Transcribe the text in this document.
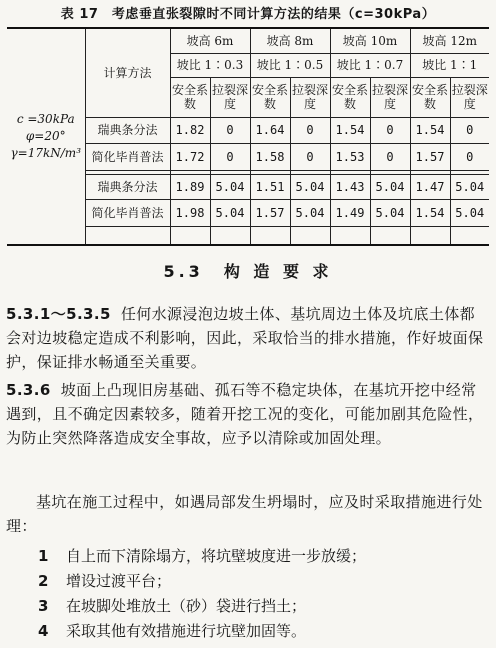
表 17　考虑垂直张裂隙时不同计算方法的结果（c=30kPa）
c =30kPa
φ=20°
γ=17kN/m³	计算方法	坡高 6m		坡高 8m		坡高 10m		坡高 12m	
		坡比 1∶0.3		坡比 1∶0.5		坡比 1∶0.7		坡比 1∶1	
		安全系数	拉裂深度	安全系数	拉裂深度	安全系数	拉裂深度	安全系数	拉裂深度
	瑞典条分法	1.82	0	1.64	0	1.54	0	1.54	0
	简化毕肖普法	1.72	0	1.58	0	1.53	0	1.57	0

	瑞典条分法	1.89	5.04	1.51	5.04	1.43	5.04	1.47	5.04
	简化毕肖普法	1.98	5.04	1.57	5.04	1.49	5.04	1.54	5.04

5.3　构 造 要 求
5.3.1～5.3.5 任何水源浸泡边坡土体、基坑周边土体及坑底土体都会对边坡稳定造成不利影响，因此，采取恰当的排水措施，作好坡面保护，保证排水畅通至关重要。
5.3.6 坡面上凸现旧房基础、孤石等不稳定块体，在基坑开挖中经常遇到，且不确定因素较多，随着开挖工况的变化，可能加剧其危险性，为防止突然降落造成安全事故，应予以清除或加固处理。
基坑在施工过程中，如遇局部发生坍塌时，应及时采取措施进行处理：
1 自上而下清除塌方，将坑壁坡度进一步放缓；
2 增设过渡平台；
3 在坡脚处堆放土（砂）袋进行挡土；
4 采取其他有效措施进行坑壁加固等。
